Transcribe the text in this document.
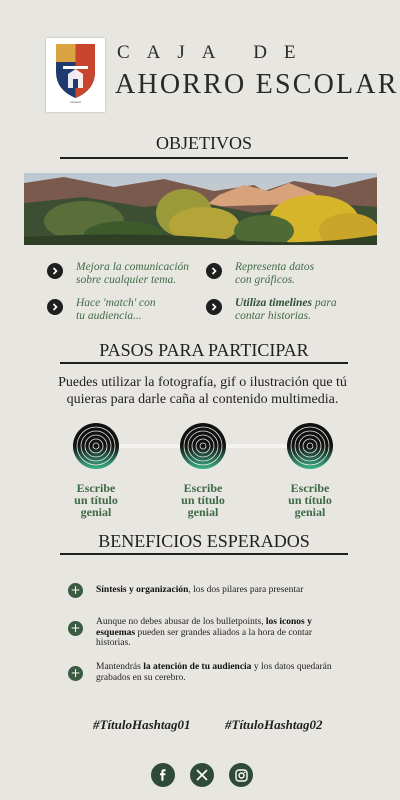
▪▪▪▪▪▪▪▪▪▪
CAJA DE
AHORRO ESCOLAR
OBJETIVOS
Mejora la comunicación
sobre cualquier tema.
Representa datos
con gráficos.
Hace 'match' con
tu audiencia...
Utiliza timelines para
contar historias.
PASOS PARA PARTICIPAR
Puedes utilizar la fotografía, gif o ilustración que tú quieras para darle caña al contenido multimedia.
Escribe
un título
genial
Escribe
un título
genial
Escribe
un título
genial
BENEFICIOS ESPERADOS
+ Síntesis y organización, los dos pilares para presentar
+ Aunque no debes abusar de los bulletpoints, los iconos y esquemas pueden ser grandes aliados a la hora de contar historias.
+ Mantendrás la atención de tu audiencia y los datos quedarán grabados en su cerebro.
#TítuloHashtag01	#TítuloHashtag02
